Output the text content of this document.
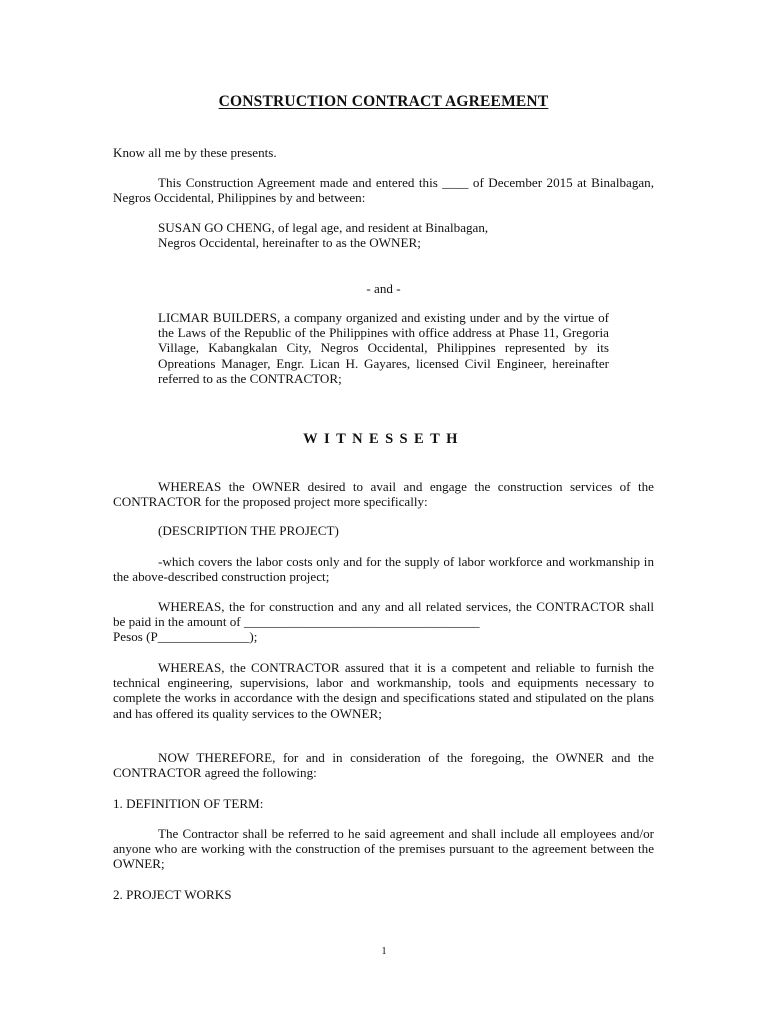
CONSTRUCTION CONTRACT AGREEMENT

Know all me by these presents.

This Construction Agreement made and entered this ____ of December 2015 at Binalbagan, Negros Occidental, Philippines by and between:

SUSAN GO CHENG, of legal age, and resident at Binalbagan,

Negros Occidental, hereinafter to as the OWNER;

- and -

LICMAR BUILDERS, a company organized and existing under and by the virtue of the Laws of the Republic of the Philippines with office address at Phase 11, Gregoria Village, Kabangkalan City, Negros Occidental, Philippines represented by its Opreations Manager, Engr. Lican H. Gayares, licensed Civil Engineer, hereinafter referred to as the CONTRACTOR;

WITNESSETH

WHEREAS the OWNER desired to avail and engage the construction services of the CONTRACTOR for the proposed project more specifically:

(DESCRIPTION THE PROJECT)

-which covers the labor costs only and for the supply of labor workforce and workmanship in the above-described construction project;

WHEREAS, the for construction and any and all related services, the CONTRACTOR shall be paid in the amount of ____________________________________

Pesos (P______________);

WHEREAS, the CONTRACTOR assured that it is a competent and reliable to furnish the technical engineering, supervisions, labor and workmanship, tools and equipments necessary to complete the works in accordance with the design and specifications stated and stipulated on the plans and has offered its quality services to the OWNER;

NOW THEREFORE, for and in consideration of the foregoing, the OWNER and the CONTRACTOR agreed the following:

1. DEFINITION OF TERM:

The Contractor shall be referred to he said agreement and shall include all employees and/or anyone who are working with the construction of the premises pursuant to the agreement between the OWNER;

2. PROJECT WORKS

1
